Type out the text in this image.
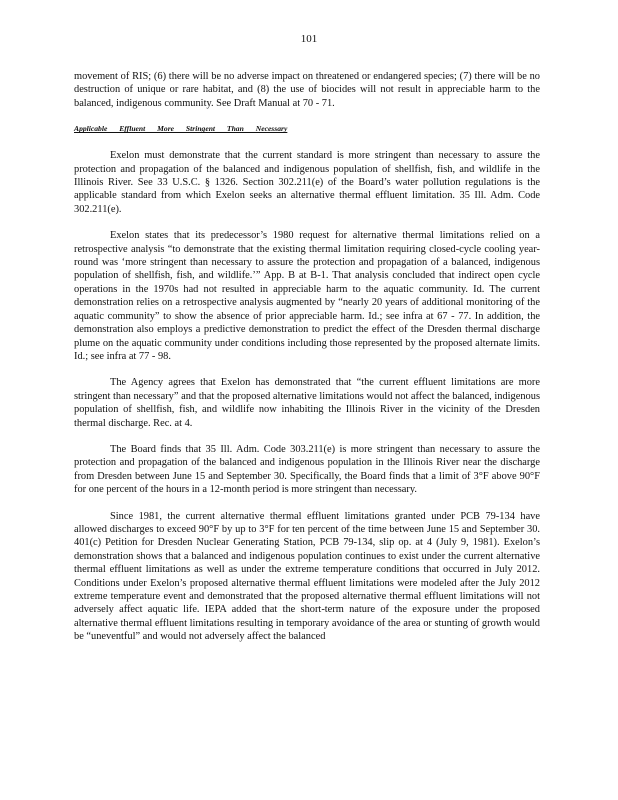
101

movement of RIS; (6) there will be no adverse impact on threatened or endangered species; (7) there will be no destruction of unique or rare habitat, and (8) the use of biocides will not result in appreciable harm to the balanced, indigenous community. See Draft Manual at 70 - 71.

Applicable Effluent More Stringent Than Necessary

Exelon must demonstrate that the current standard is more stringent than necessary to assure the protection and propagation of the balanced and indigenous population of shellfish, fish, and wildlife in the Illinois River. See 33 U.S.C. § 1326. Section 302.211(e) of the Board’s water pollution regulations is the applicable standard from which Exelon seeks an alternative thermal effluent limitation. 35 Ill. Adm. Code 302.211(e).

Exelon states that its predecessor’s 1980 request for alternative thermal limitations relied on a retrospective analysis “to demonstrate that the existing thermal limitation requiring closed-cycle cooling year-round was ‘more stringent than necessary to assure the protection and propagation of a balanced, indigenous population of shellfish, fish, and wildlife.’” App. B at B-1. That analysis concluded that indirect open cycle operations in the 1970s had not resulted in appreciable harm to the aquatic community. Id. The current demonstration relies on a retrospective analysis augmented by “nearly 20 years of additional monitoring of the aquatic community” to show the absence of prior appreciable harm. Id.; see infra at 67 - 77. In addition, the demonstration also employs a predictive demonstration to predict the effect of the Dresden thermal discharge plume on the aquatic community under conditions including those represented by the proposed alternate limits. Id.; see infra at 77 - 98.

The Agency agrees that Exelon has demonstrated that “the current effluent limitations are more stringent than necessary” and that the proposed alternative limitations would not affect the balanced, indigenous population of shellfish, fish, and wildlife now inhabiting the Illinois River in the vicinity of the Dresden thermal discharge. Rec. at 4.

The Board finds that 35 Ill. Adm. Code 303.211(e) is more stringent than necessary to assure the protection and propagation of the balanced and indigenous population in the Illinois River near the discharge from Dresden between June 15 and September 30. Specifically, the Board finds that a limit of 3°F above 90°F for one percent of the hours in a 12-month period is more stringent than necessary.

Since 1981, the current alternative thermal effluent limitations granted under PCB 79-134 have allowed discharges to exceed 90°F by up to 3°F for ten percent of the time between June 15 and September 30. 401(c) Petition for Dresden Nuclear Generating Station, PCB 79-134, slip op. at 4 (July 9, 1981). Exelon’s demonstration shows that a balanced and indigenous population continues to exist under the current alternative thermal effluent limitations as well as under the extreme temperature conditions that occurred in July 2012. Conditions under Exelon’s proposed alternative thermal effluent limitations were modeled after the July 2012 extreme temperature event and demonstrated that the proposed alternative thermal effluent limitations will not adversely affect aquatic life. IEPA added that the short-term nature of the exposure under the proposed alternative thermal effluent limitations resulting in temporary avoidance of the area or stunting of growth would be “uneventful” and would not adversely affect the balanced
